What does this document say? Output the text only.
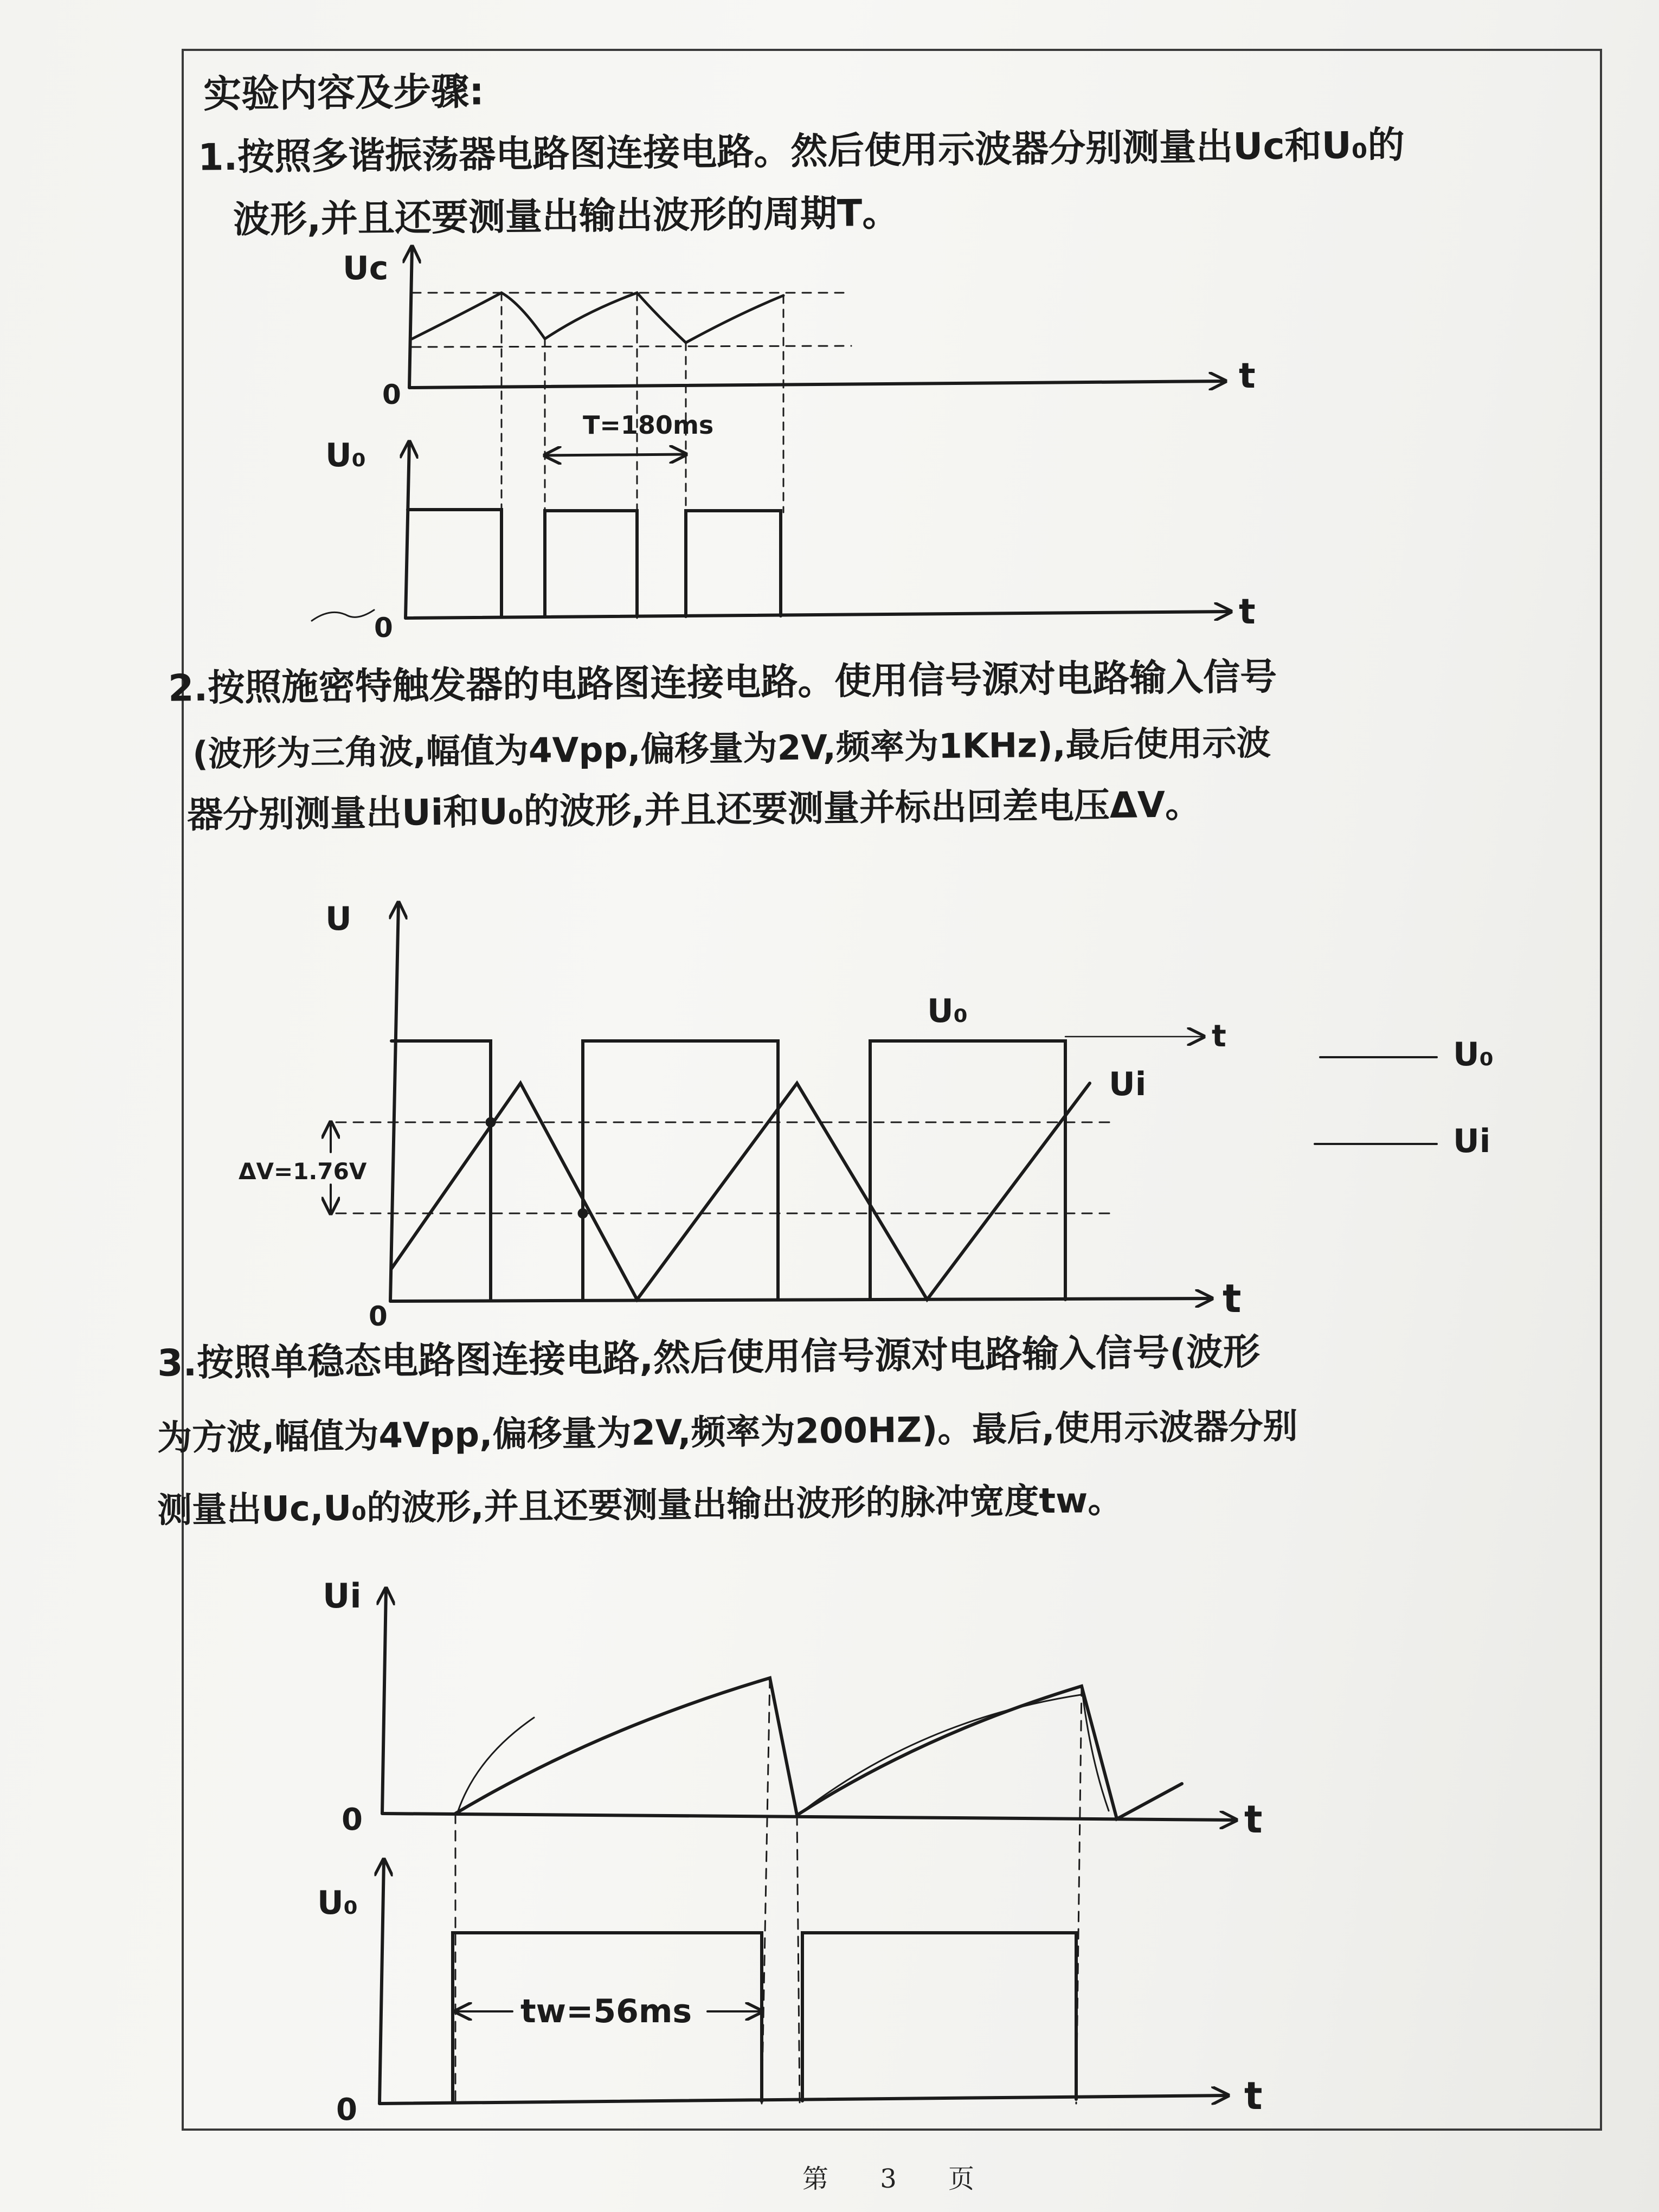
实验内容及步骤:

1.按照多谐振荡器电路图连接电路。然后使用示波器分别测量出Uc和U₀的

波形,并且还要测量出输出波形的周期T。

2.按照施密特触发器的电路图连接电路。使用信号源对电路输入信号

(波形为三角波,幅值为4Vpp,偏移量为2V,频率为1KHz),最后使用示波

器分别测量出Ui和U₀的波形,并且还要测量并标出回差电压ΔV。

3.按照单稳态电路图连接电路,然后使用信号源对电路输入信号(波形

为方波,幅值为4Vpp,偏移量为2V,频率为200HZ)。最后,使用示波器分别

测量出Uc,U₀的波形,并且还要测量出输出波形的脉冲宽度tw。

Uc
0	t
U₀
0	t
T=180ms
U
0	t
t
ΔV=1.76V
U₀
Ui
U₀
Ui
Ui
0	t
U₀
0	t
tw=56ms
第 3 页
